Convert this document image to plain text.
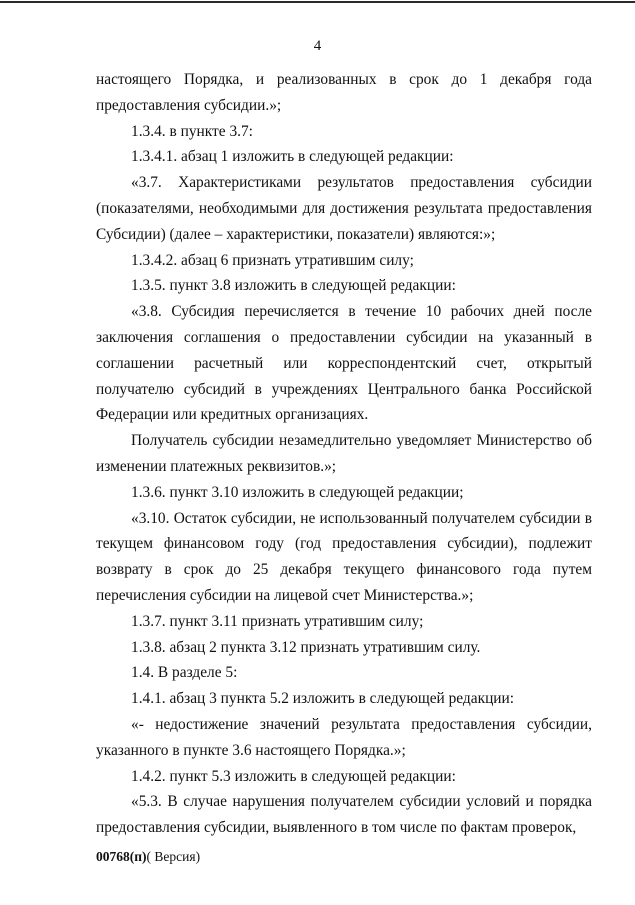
4

настоящего Порядка, и реализованных в срок до 1 декабря года предоставления субсидии.»;

1.3.4. в пункте 3.7:

1.3.4.1. абзац 1 изложить в следующей редакции:

«3.7. Характеристиками результатов предоставления субсидии (показателями, необходимыми для достижения результата предоставления Субсидии) (далее – характеристики, показатели) являются:»;

1.3.4.2. абзац 6 признать утратившим силу;

1.3.5. пункт 3.8 изложить в следующей редакции:

«3.8. Субсидия перечисляется в течение 10 рабочих дней после заключения соглашения о предоставлении субсидии на указанный в соглашении расчетный или корреспондентский счет, открытый получателю субсидий в учреждениях Центрального банка Российской Федерации или кредитных организациях.

Получатель субсидии незамедлительно уведомляет Министерство об изменении платежных реквизитов.»;

1.3.6. пункт 3.10 изложить в следующей редакции;

«3.10. Остаток субсидии, не использованный получателем субсидии в текущем финансовом году (год предоставления субсидии), подлежит возврату в срок до 25 декабря текущего финансового года путем перечисления субсидии на лицевой счет Министерства.»;

1.3.7. пункт 3.11 признать утратившим силу;

1.3.8. абзац 2 пункта 3.12 признать утратившим силу.

1.4. В разделе 5:

1.4.1. абзац 3 пункта 5.2 изложить в следующей редакции:

«- недостижение значений результата предоставления субсидии, указанного в пункте 3.6 настоящего Порядка.»;

1.4.2. пункт 5.3 изложить в следующей редакции:

«5.3. В случае нарушения получателем субсидии условий и порядка предоставления субсидии, выявленного в том числе по фактам проверок,

00768(п)( Версия)
